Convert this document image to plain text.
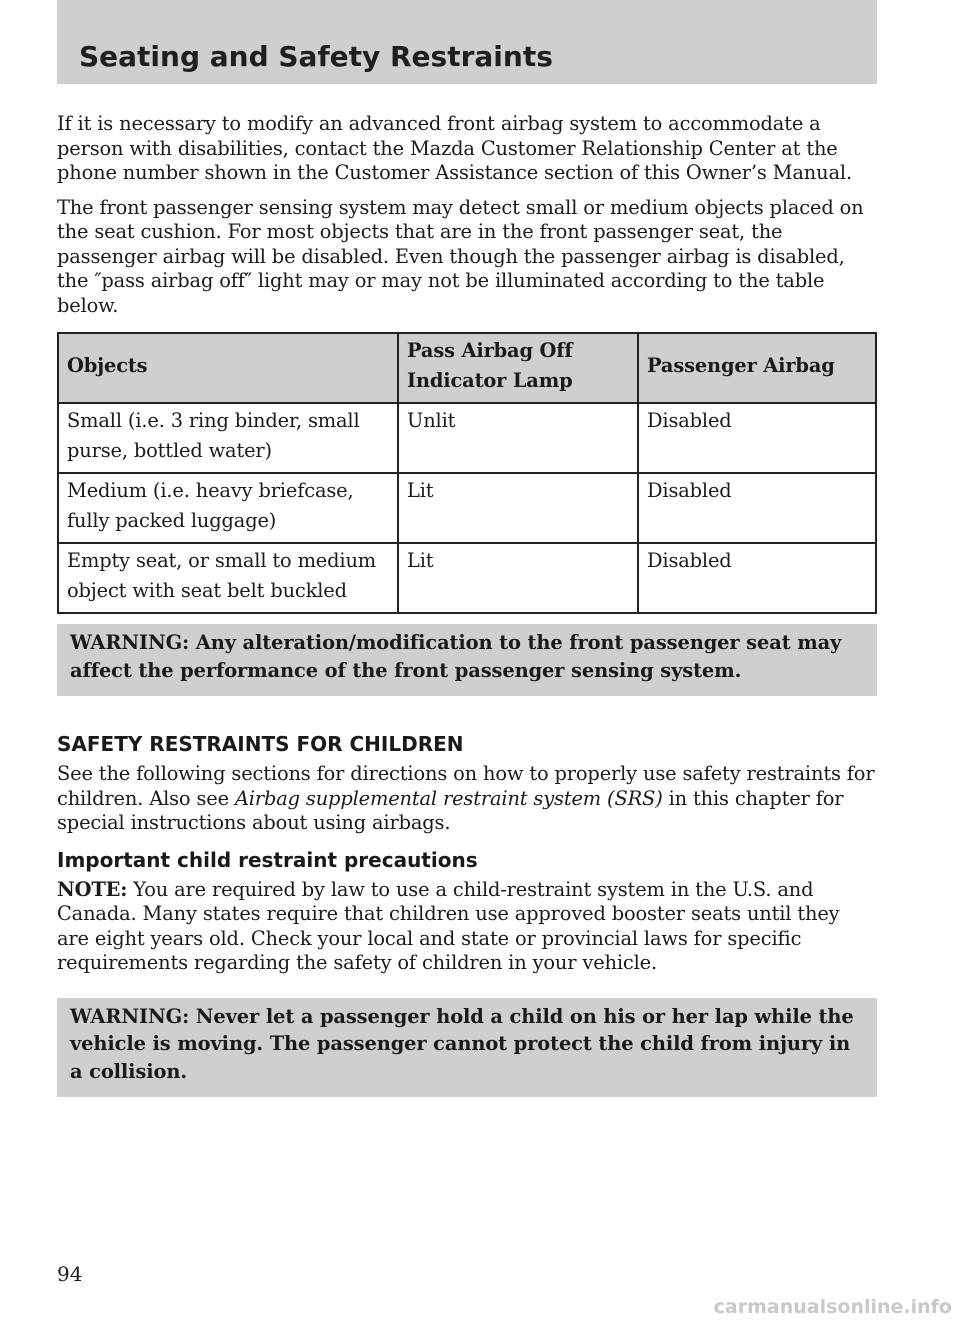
Seating and Safety Restraints

If it is necessary to modify an advanced front airbag system to accommodate a person with disabilities, contact the Mazda Customer Relationship Center at the phone number shown in the Customer Assistance section of this Owner’s Manual.

The front passenger sensing system may detect small or medium objects placed on the seat cushion. For most objects that are in the front passenger seat, the passenger airbag will be disabled. Even though the passenger airbag is disabled, the ″pass airbag off″ light may or may not be illuminated according to the table below.

Objects	Pass Airbag Off Indicator Lamp	Passenger Airbag
Small (i.e. 3 ring binder, small purse, bottled water)	Unlit	Disabled
Medium (i.e. heavy briefcase, fully packed luggage)	Lit	Disabled
Empty seat, or small to medium object with seat belt buckled	Lit	Disabled
WARNING: Any alteration/modification to the front passenger seat may affect the performance of the front passenger sensing system.
SAFETY RESTRAINTS FOR CHILDREN

See the following sections for directions on how to properly use safety restraints for children. Also see Airbag supplemental restraint system (SRS) in this chapter for special instructions about using airbags.

Important child restraint precautions

NOTE: You are required by law to use a child-restraint system in the U.S. and Canada. Many states require that children use approved booster seats until they are eight years old. Check your local and state or provincial laws for specific requirements regarding the safety of children in your vehicle.

WARNING: Never let a passenger hold a child on his or her lap while the vehicle is moving. The passenger cannot protect the child from injury in a collision.

94

carmanualsonline.info
